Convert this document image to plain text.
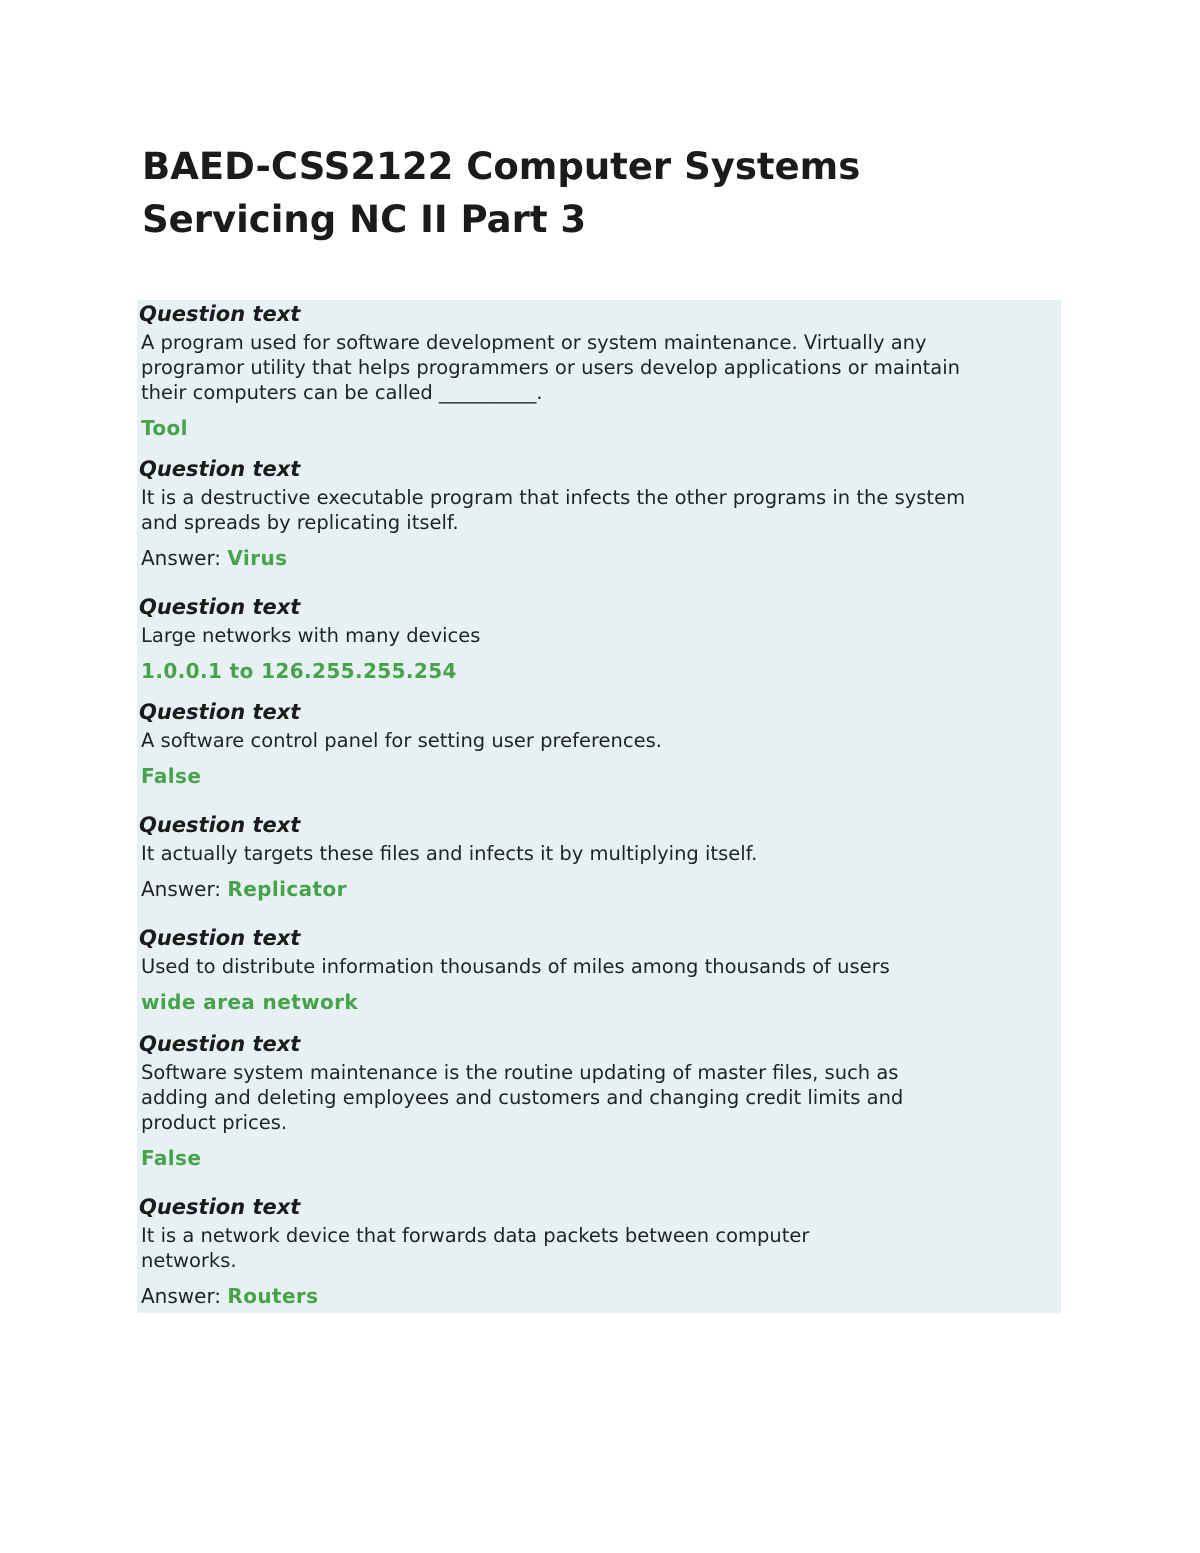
BAED-CSS2122 Computer Systems
Servicing NC II Part 3
Question text
A program used for software development or system maintenance. Virtually any
programor utility that helps programmers or users develop applications or maintain
their computers can be called __________.
Tool
Question text
It is a destructive executable program that infects the other programs in the system
and spreads by replicating itself.
Answer: Virus
Question text
Large networks with many devices
1.0.0.1 to 126.255.255.254
Question text
A software control panel for setting user preferences.
False
Question text
It actually targets these files and infects it by multiplying itself.
Answer: Replicator
Question text
Used to distribute information thousands of miles among thousands of users
wide area network
Question text
Software system maintenance is the routine updating of master files, such as
adding and deleting employees and customers and changing credit limits and
product prices.
False
Question text
It is a network device that forwards data packets between computer
networks.
Answer: Routers
